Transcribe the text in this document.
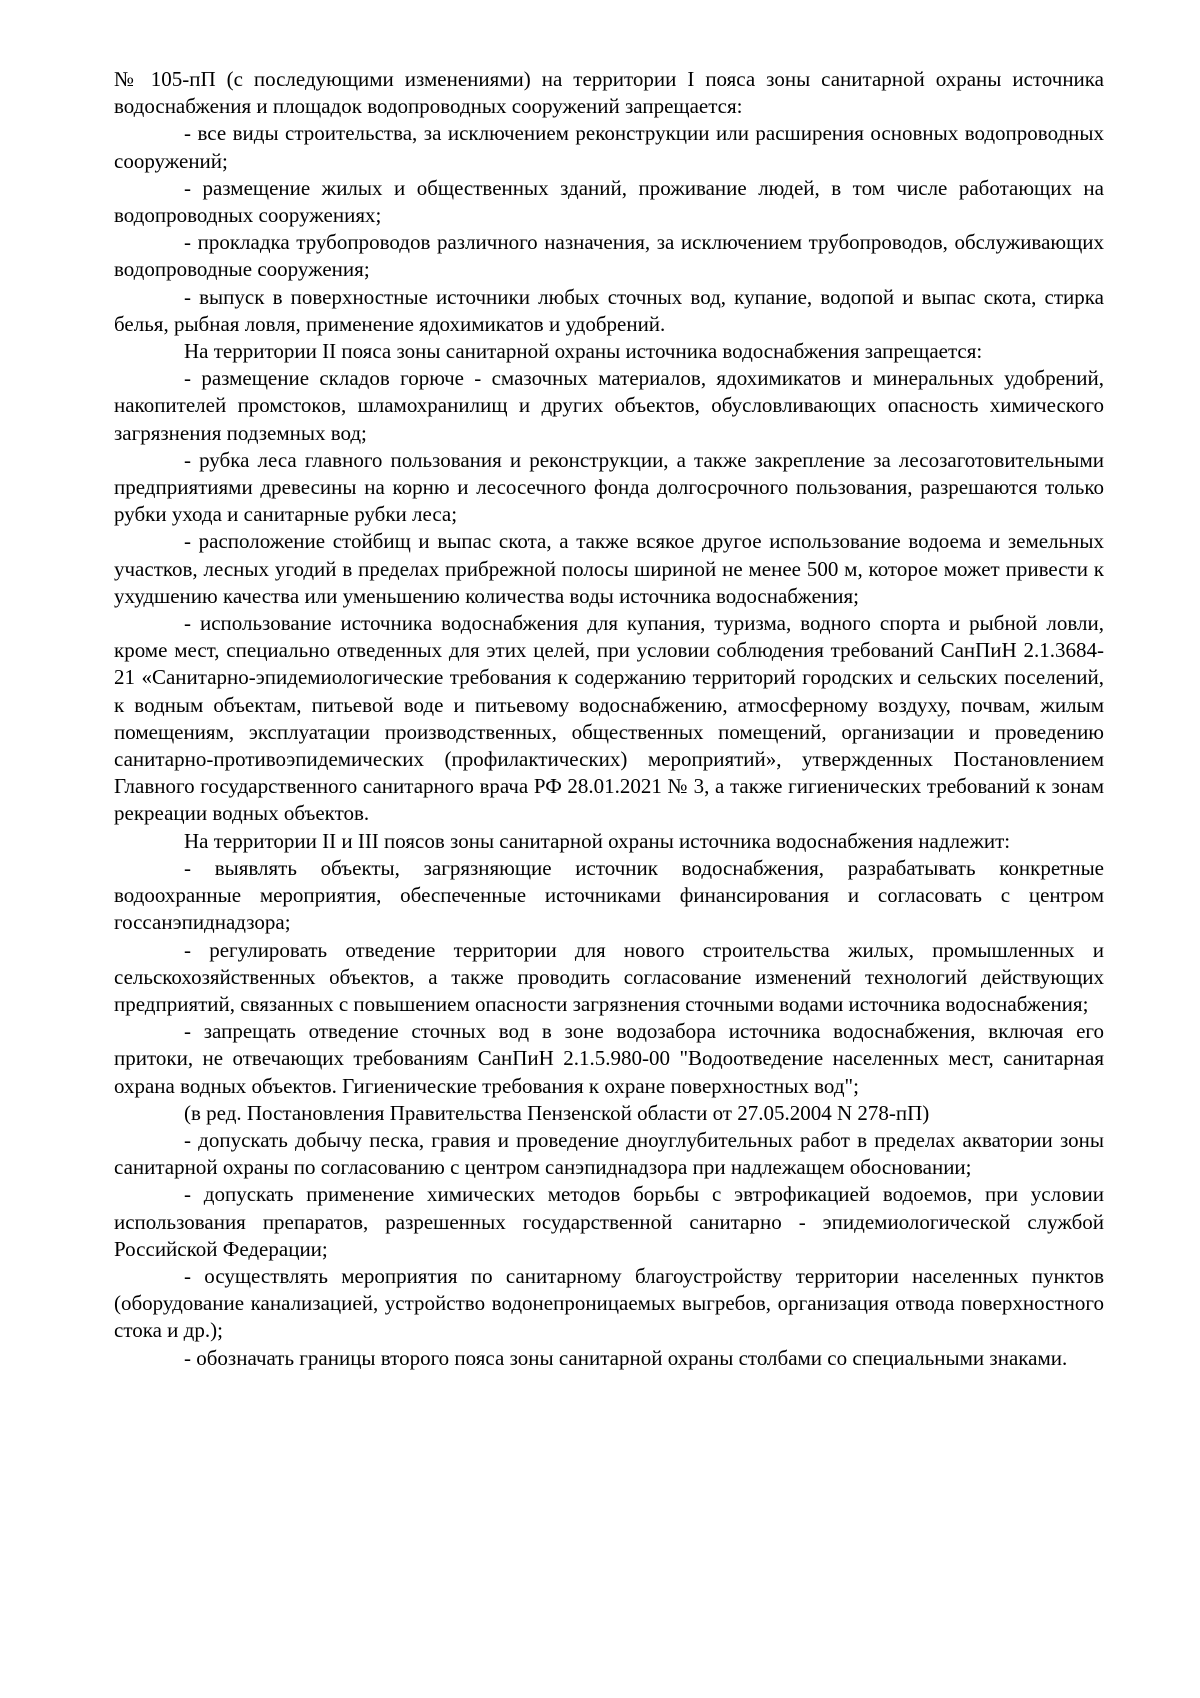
№ 105-пП (с последующими изменениями) на территории I пояса зоны санитарной охраны источника водоснабжения и площадок водопроводных сооружений запрещается:

- все виды строительства, за исключением реконструкции или расширения основных водопроводных сооружений;

- размещение жилых и общественных зданий, проживание людей, в том числе работающих на водопроводных сооружениях;

- прокладка трубопроводов различного назначения, за исключением трубопроводов, обслуживающих водопроводные сооружения;

- выпуск в поверхностные источники любых сточных вод, купание, водопой и выпас скота, стирка белья, рыбная ловля, применение ядохимикатов и удобрений.

На территории II пояса зоны санитарной охраны источника водоснабжения запрещается:

- размещение складов горюче - смазочных материалов, ядохимикатов и минеральных удобрений, накопителей промстоков, шламохранилищ и других объектов, обусловливающих опасность химического загрязнения подземных вод;

- рубка леса главного пользования и реконструкции, а также закрепление за лесозаготовительными предприятиями древесины на корню и лесосечного фонда долгосрочного пользования, разрешаются только рубки ухода и санитарные рубки леса;

- расположение стойбищ и выпас скота, а также всякое другое использование водоема и земельных участков, лесных угодий в пределах прибрежной полосы шириной не менее 500 м, которое может привести к ухудшению качества или уменьшению количества воды источника водоснабжения;

- использование источника водоснабжения для купания, туризма, водного спорта и рыбной ловли, кроме мест, специально отведенных для этих целей, при условии соблюдения требований СанПиН 2.1.3684-21 «Санитарно-эпидемиологические требования к содержанию территорий городских и сельских поселений, к водным объектам, питьевой воде и питьевому водоснабжению, атмосферному воздуху, почвам, жилым помещениям, эксплуатации производственных, общественных помещений, организации и проведению санитарно-противоэпидемических (профилактических) мероприятий», утвержденных Постановлением Главного государственного санитарного врача РФ 28.01.2021 № 3, а также гигиенических требований к зонам рекреации водных объектов.

На территории II и III поясов зоны санитарной охраны источника водоснабжения надлежит:

- выявлять объекты, загрязняющие источник водоснабжения, разрабатывать конкретные водоохранные мероприятия, обеспеченные источниками финансирования и согласовать с центром госсанэпиднадзора;

- регулировать отведение территории для нового строительства жилых, промышленных и сельскохозяйственных объектов, а также проводить согласование изменений технологий действующих предприятий, связанных с повышением опасности загрязнения сточными водами источника водоснабжения;

- запрещать отведение сточных вод в зоне водозабора источника водоснабжения, включая его притоки, не отвечающих требованиям СанПиН 2.1.5.980-00 "Водоотведение населенных мест, санитарная охрана водных объектов. Гигиенические требования к охране поверхностных вод";

(в ред. Постановления Правительства Пензенской области от 27.05.2004 N 278-пП)

- допускать добычу песка, гравия и проведение дноуглубительных работ в пределах акватории зоны санитарной охраны по согласованию с центром санэпиднадзора при надлежащем обосновании;

- допускать применение химических методов борьбы с эвтрофикацией водоемов, при условии использования препаратов, разрешенных государственной санитарно - эпидемиологической службой Российской Федерации;

- осуществлять мероприятия по санитарному благоустройству территории населенных пунктов (оборудование канализацией, устройство водонепроницаемых выгребов, организация отвода поверхностного стока и др.);

- обозначать границы второго пояса зоны санитарной охраны столбами со специальными знаками.
